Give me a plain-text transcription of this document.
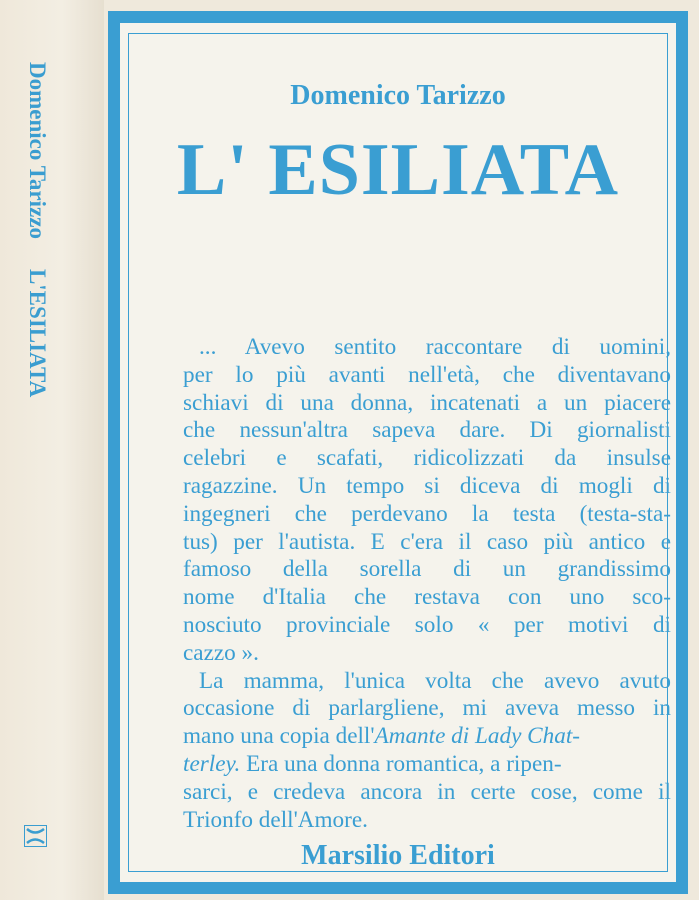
Domenico TarizzoL'ESILIATA
Domenico Tarizzo
L' ESILIATA
... Avevo sentito raccontare di uomini,
per lo più avanti nell'età, che diventavano
schiavi di una donna, incatenati a un piacere
che nessun'altra sapeva dare. Di giornalisti
celebri e scafati, ridicolizzati da insulse
ragazzine. Un tempo si diceva di mogli di
ingegneri che perdevano la testa (testa-sta-
tus) per l'autista. E c'era il caso più antico e
famoso della sorella di un grandissimo
nome d'Italia che restava con uno sco-
nosciuto provinciale solo « per motivi di
cazzo ».
La mamma, l'unica volta che avevo avuto
occasione di parlargliene, mi aveva messo in
mano una copia dell'Amante di Lady Chat-
terley. Era una donna romantica, a ripen-
sarci, e credeva ancora in certe cose, come il
Trionfo dell'Amore.
Marsilio Editori
